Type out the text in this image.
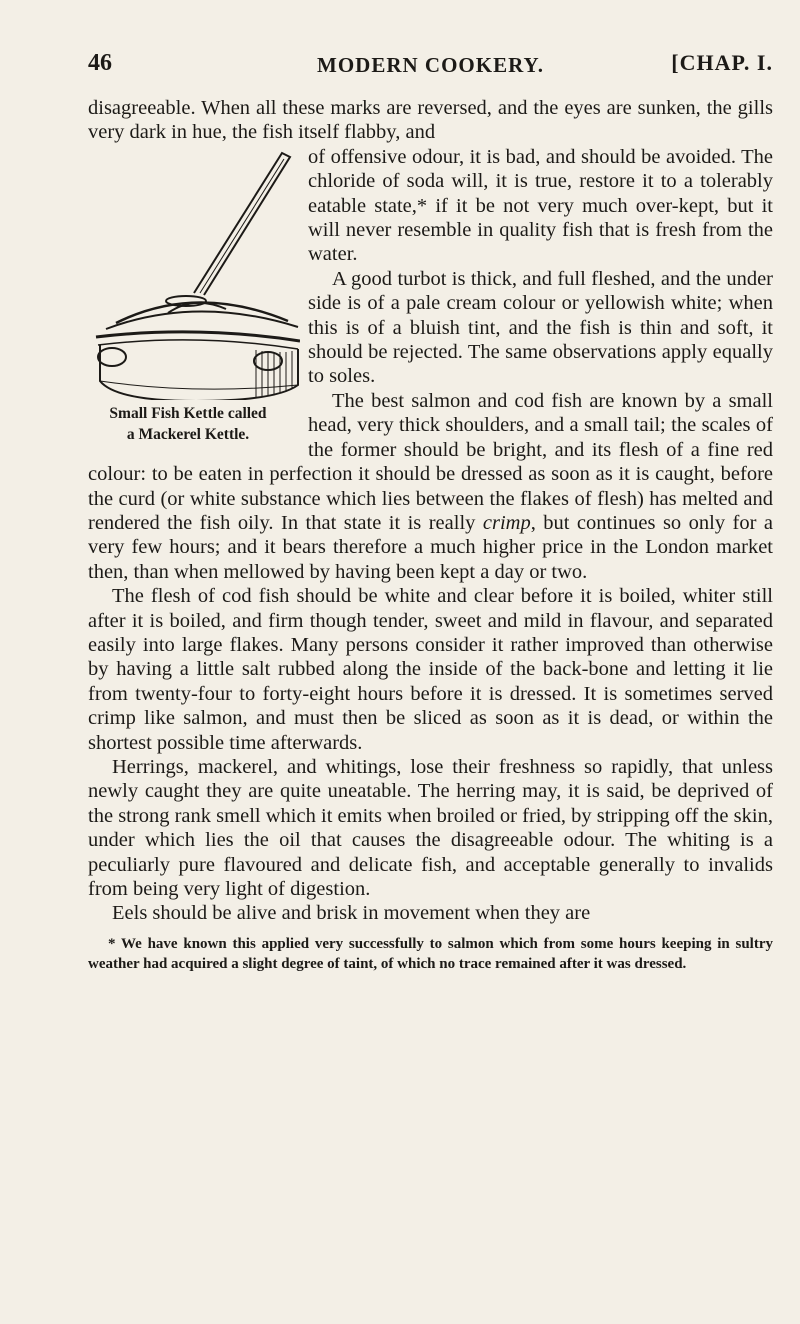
46	MODERN COOKERY.	[CHAP. I.

disagreeable. When all these marks are reversed, and the eyes are sunken, the gills very dark in hue, the fish itself flabby, and

Small Fish Kettle called
a Mackerel Kettle.

of offensive odour, it is bad, and should be avoided. The chloride of soda will, it is true, restore it to a tolerably eatable state,* if it be not very much over-kept, but it will never resemble in quality fish that is fresh from the water.

A good turbot is thick, and full fleshed, and the under side is of a pale cream colour or yellowish white; when this is of a bluish tint, and the fish is thin and soft, it should be rejected. The same observations apply equally to soles.

The best salmon and cod fish are known by a small head, very thick shoulders, and a small tail; the scales of the former should be bright, and its flesh of a fine red colour: to be eaten in perfection it should be dressed as soon as it is caught, before the curd (or white substance which lies between the flakes of flesh) has melted and rendered the fish oily. In that state it is really crimp, but continues so only for a very few hours; and it bears therefore a much higher price in the London market then, than when mellowed by having been kept a day or two.

The flesh of cod fish should be white and clear before it is boiled, whiter still after it is boiled, and firm though tender, sweet and mild in flavour, and separated easily into large flakes. Many persons consider it rather improved than otherwise by having a little salt rubbed along the inside of the back-bone and letting it lie from twenty-four to forty-eight hours before it is dressed. It is sometimes served crimp like salmon, and must then be sliced as soon as it is dead, or within the shortest possible time afterwards.

Herrings, mackerel, and whitings, lose their freshness so rapidly, that unless newly caught they are quite uneatable. The herring may, it is said, be deprived of the strong rank smell which it emits when broiled or fried, by stripping off the skin, under which lies the oil that causes the disagreeable odour. The whiting is a peculiarly pure flavoured and delicate fish, and acceptable generally to invalids from being very light of digestion.

Eels should be alive and brisk in movement when they are

* We have known this applied very successfully to salmon which from some hours keeping in sultry weather had acquired a slight degree of taint, of which no trace remained after it was dressed.
